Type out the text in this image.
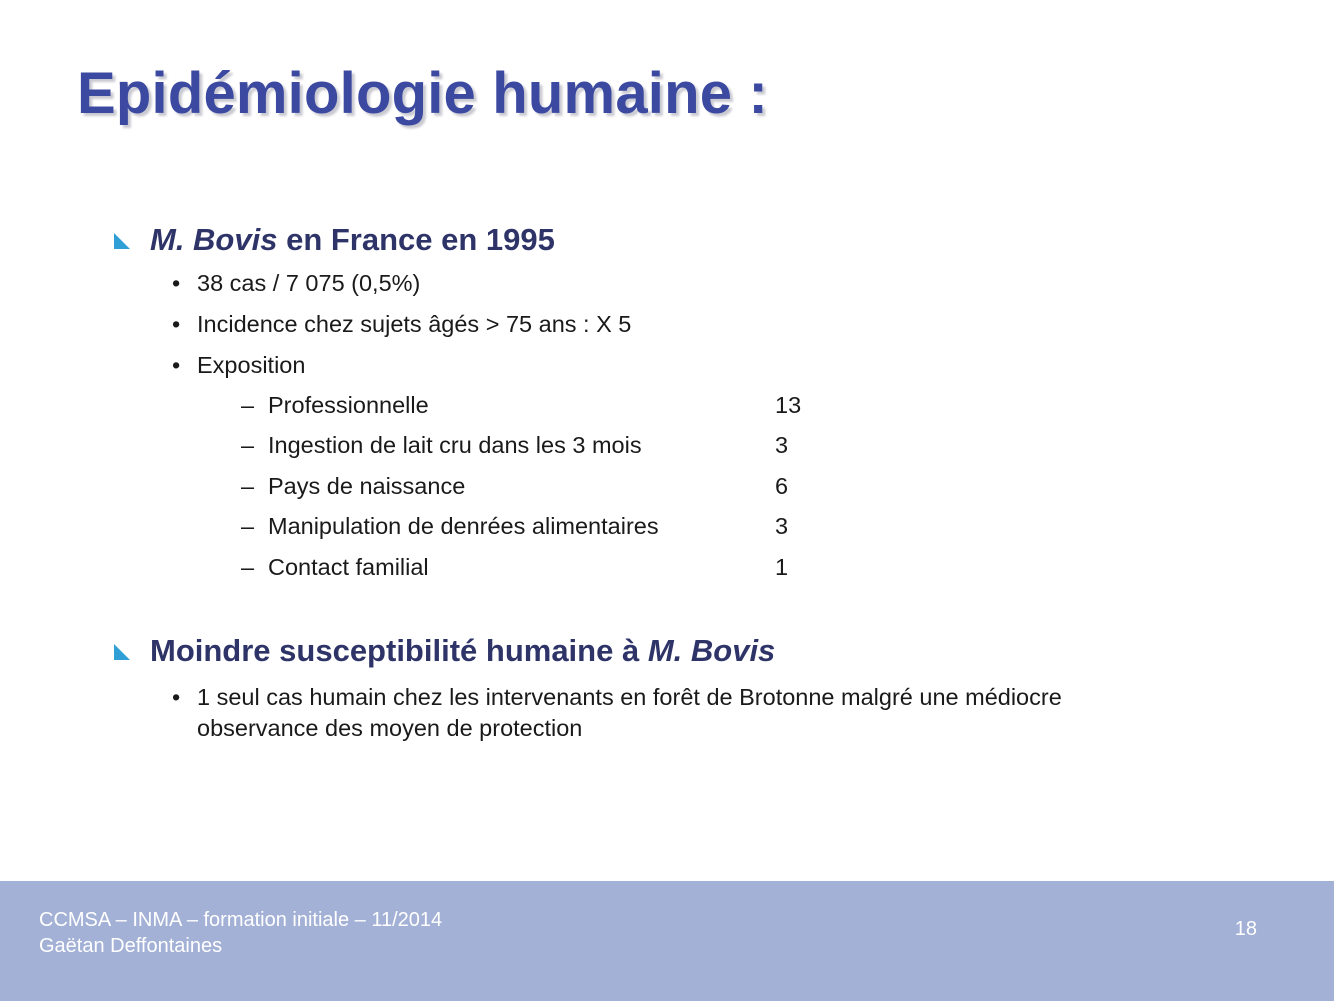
Epidémiologie humaine :
M. Bovis en France en 1995
• 38 cas / 7 075 (0,5%)
• Incidence chez sujets âgés > 75 ans : X 5
• Exposition
– Professionnelle	13
– Ingestion de lait cru dans les 3 mois	3
– Pays de naissance	6
– Manipulation de denrées alimentaires	3
– Contact familial	1
Moindre susceptibilité humaine à M. Bovis
• 1 seul cas humain chez les intervenants en forêt de Brotonne malgré une médiocre observance des moyen de protection
CCMSA – INMA – formation initiale – 11/2014
Gaëtan Deffontaines
18
